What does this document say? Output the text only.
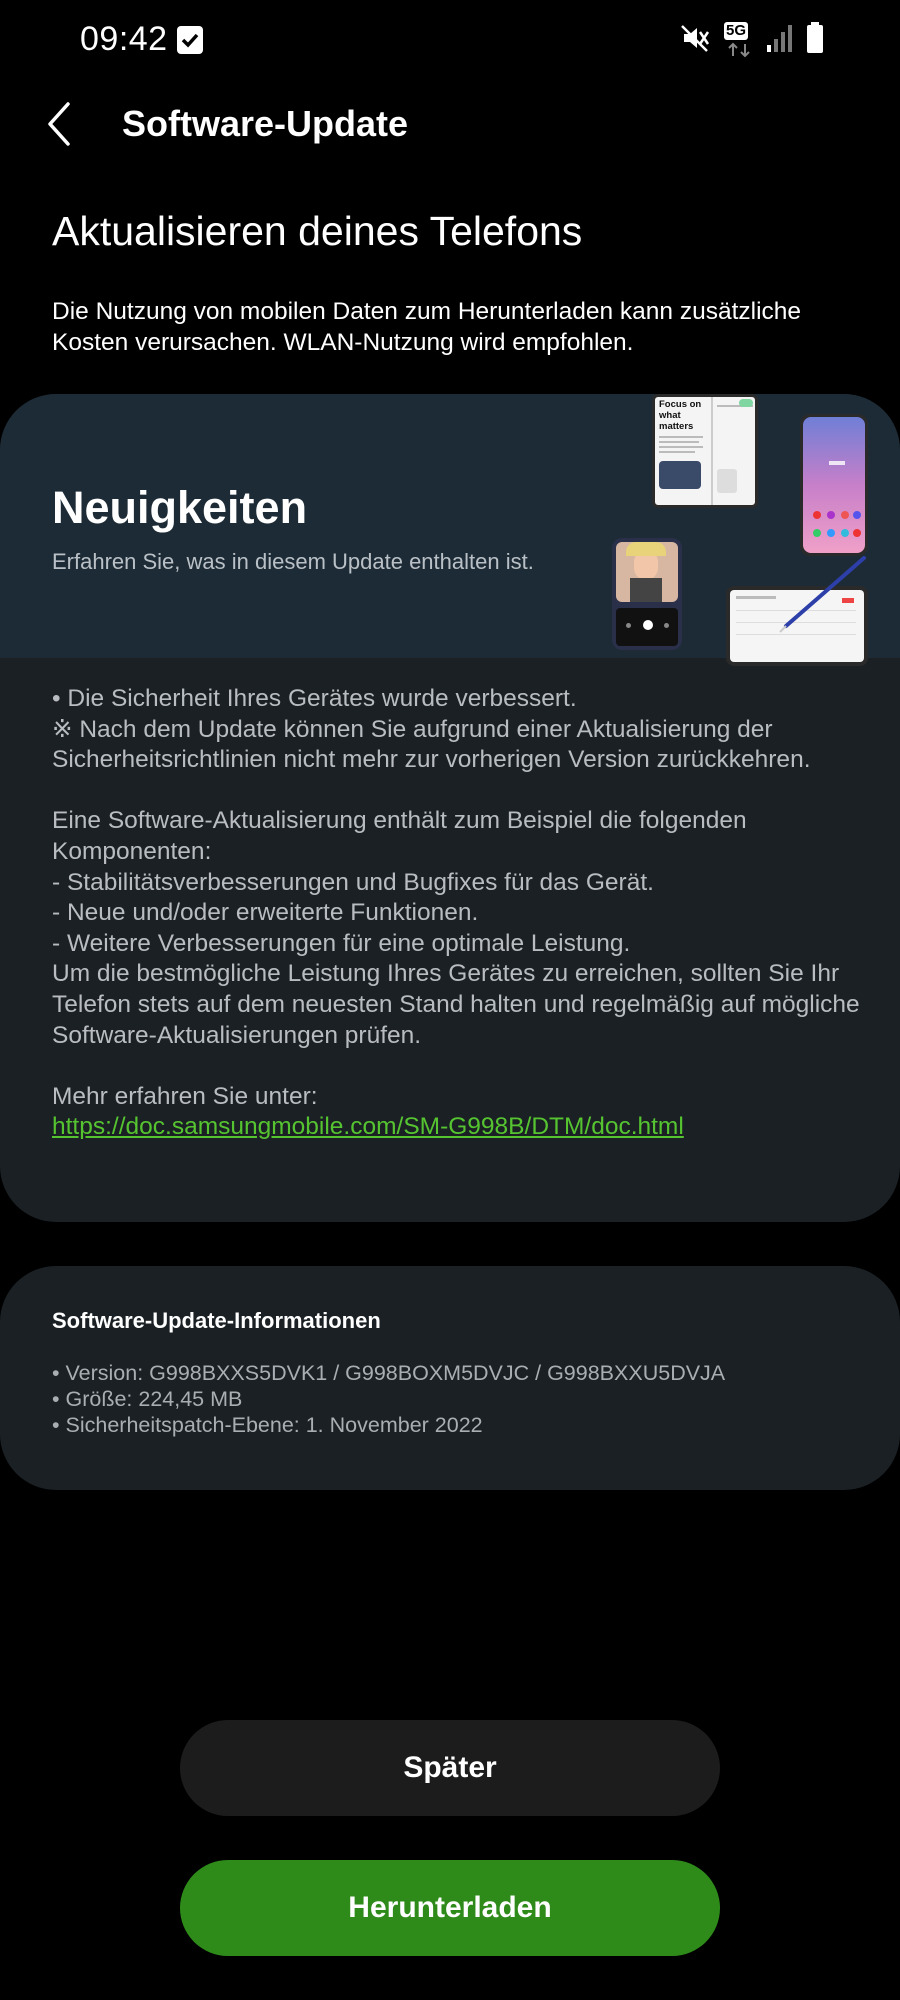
09:42	5G
Software-Update
Aktualisieren deines Telefons
Die Nutzung von mobilen Daten zum Herunterladen kann zusätzliche Kosten verursachen. WLAN-Nutzung wird empfohlen.
Neuigkeiten
Erfahren Sie, was in diesem Update enthalten ist.
Focus on
what matters

• Die Sicherheit Ihres Gerätes wurde verbessert.

※ Nach dem Update können Sie aufgrund einer Aktualisierung der Sicherheitsrichtlinien nicht mehr zur vorherigen Version zurückkehren.

Eine Software-Aktualisierung enthält zum Beispiel die folgenden Komponenten:

- Stabilitätsverbesserungen und Bugfixes für das Gerät.

- Neue und/oder erweiterte Funktionen.

- Weitere Verbesserungen für eine optimale Leistung.

Um die bestmögliche Leistung Ihres Gerätes zu erreichen, sollten Sie Ihr Telefon stets auf dem neuesten Stand halten und regelmäßig auf mögliche Software-Aktualisierungen prüfen.

Mehr erfahren Sie unter:

https://doc.samsungmobile.com/SM-G998B/DTM/doc.html

Software-Update-Informationen
• Version: G998BXXS5DVK1 / G998BOXM5DVJC / G998BXXU5DVJA
• Größe: 224,45 MB
• Sicherheitspatch-Ebene: 1. November 2022
Später
Herunterladen
